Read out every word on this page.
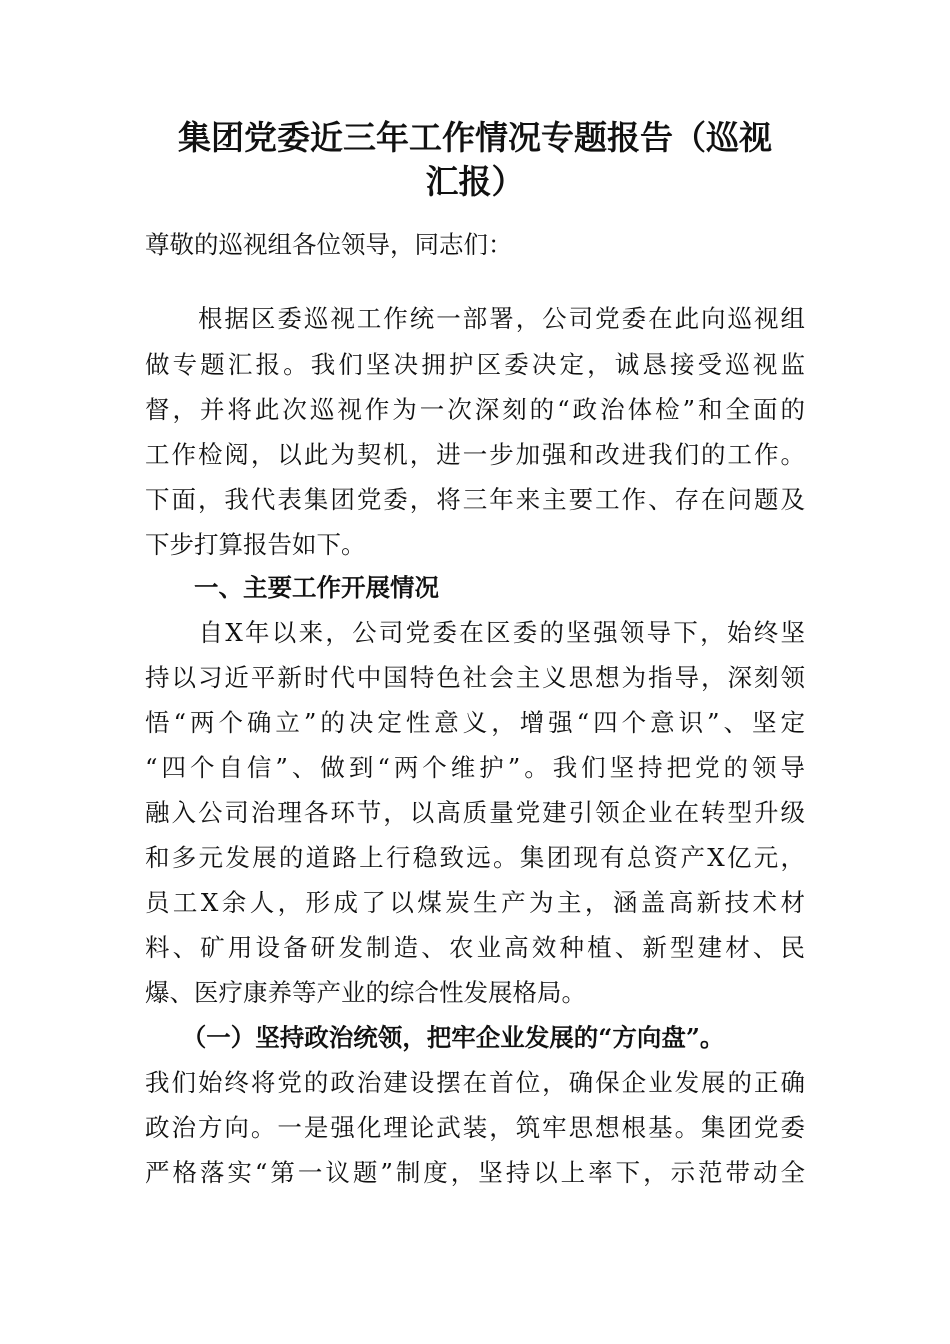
集团党委近三年工作情况专题报告（巡视
汇报）
尊敬的巡视组各位领导，同志们：
　　根据区委巡视工作统一部署，公司党委在此向巡视组
做专题汇报。我们坚决拥护区委决定，诚恳接受巡视监
督，并将此次巡视作为一次深刻的“政治体检”和全面的
工作检阅，以此为契机，进一步加强和改进我们的工作。
下面，我代表集团党委，将三年来主要工作、存在问题及
下步打算报告如下。
一、主要工作开展情况
　　自X年以来，公司党委在区委的坚强领导下，始终坚
持以习近平新时代中国特色社会主义思想为指导，深刻领
悟“两个确立”的决定性意义，增强“四个意识”、坚定
“四个自信”、做到“两个维护”。我们坚持把党的领导
融入公司治理各环节，以高质量党建引领企业在转型升级
和多元发展的道路上行稳致远。集团现有总资产X亿元，
员工X余人，形成了以煤炭生产为主，涵盖高新技术材
料、矿用设备研发制造、农业高效种植、新型建材、民
爆、医疗康养等产业的综合性发展格局。
　　（一）坚持政治统领，把牢企业发展的“方向盘”。
我们始终将党的政治建设摆在首位，确保企业发展的正确
政治方向。一是强化理论武装，筑牢思想根基。集团党委
严格落实“第一议题”制度，坚持以上率下，示范带动全
